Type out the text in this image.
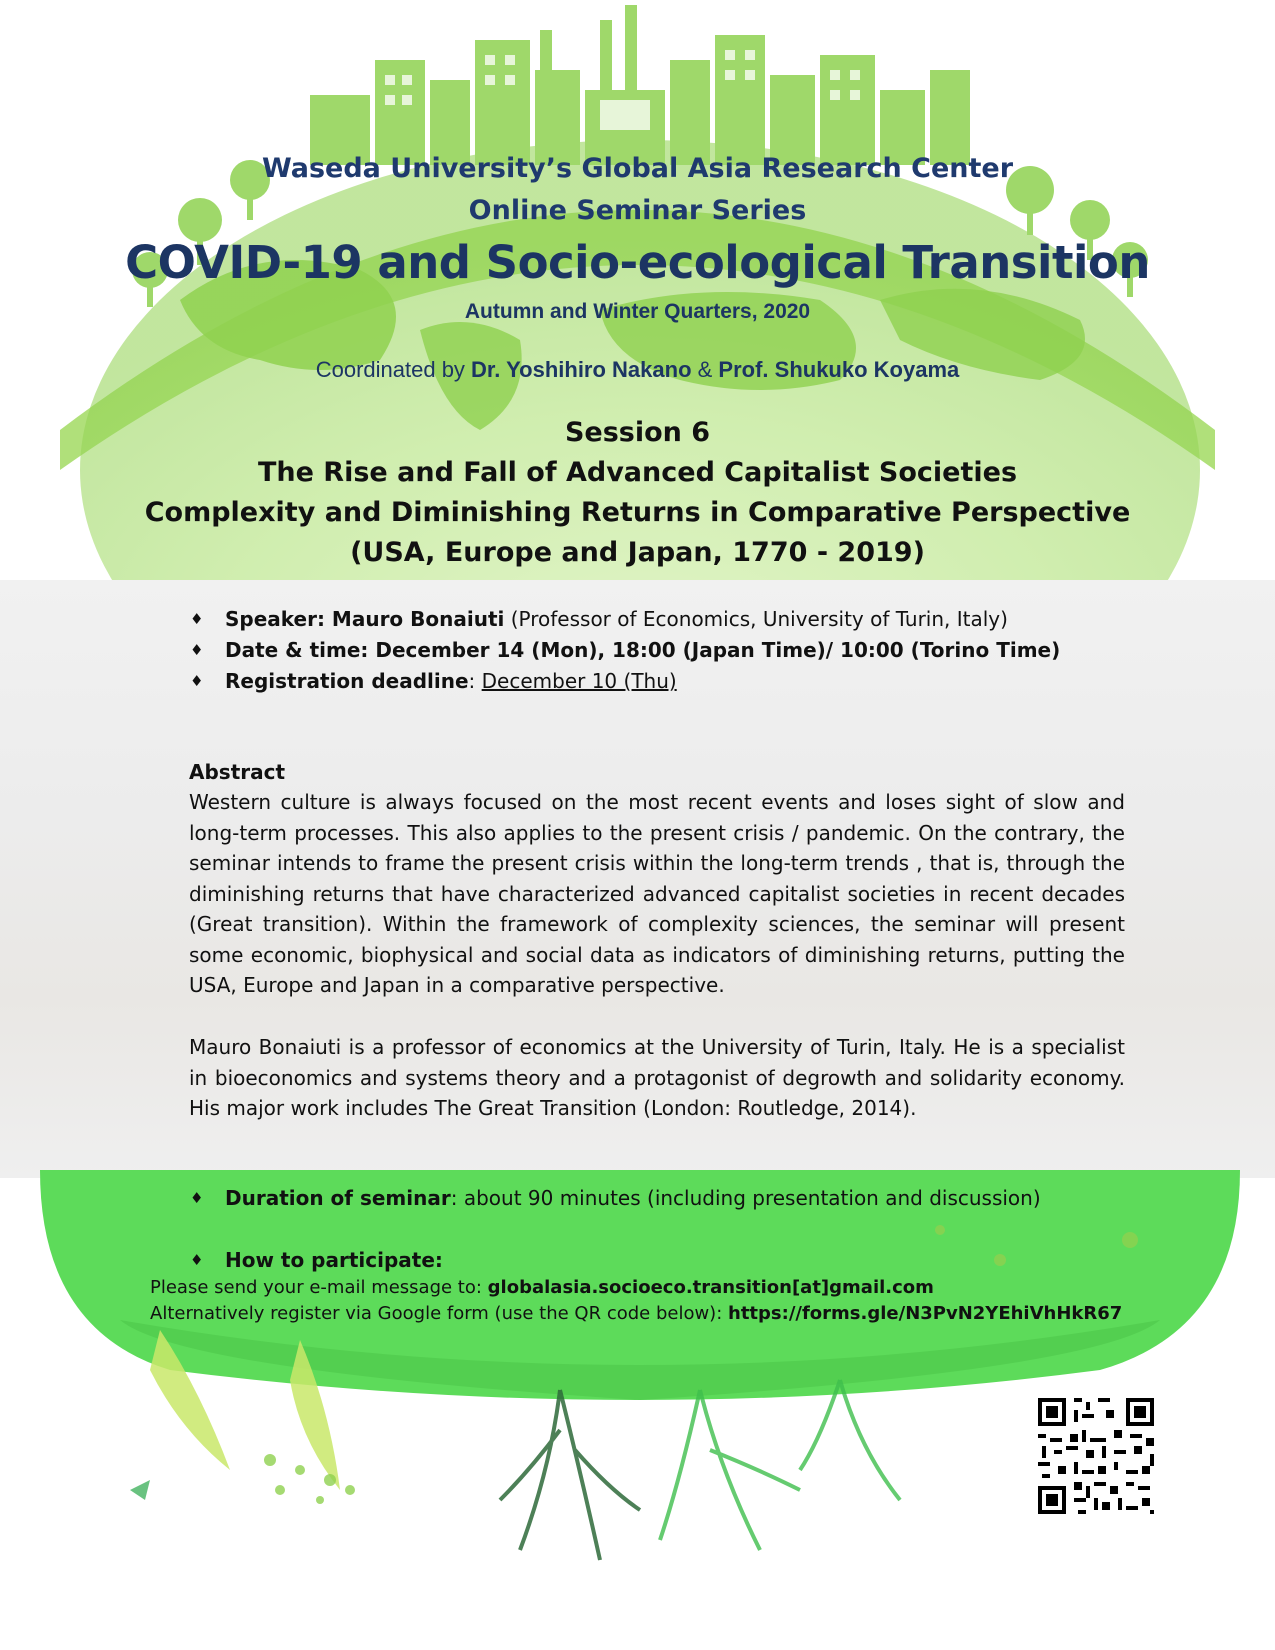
Waseda University’s Global Asia Research Center
Online Seminar Series
COVID-19 and Socio-ecological Transition
Autumn and Winter Quarters, 2020
Coordinated by Dr. Yoshihiro Nakano & Prof. Shukuko Koyama
Session 6
The Rise and Fall of Advanced Capitalist Societies
Complexity and Diminishing Returns in Comparative Perspective
(USA, Europe and Japan, 1770 - 2019)
♦ Speaker: Mauro Bonaiuti (Professor of Economics, University of Turin, Italy)
♦ Date & time: December 14 (Mon), 18:00 (Japan Time)/ 10:00 (Torino Time)
♦ Registration deadline: December 10 (Thu)
Abstract
Western culture is always focused on the most recent events and loses sight of slow and long-term processes. This also applies to the present crisis / pandemic. On the contrary, the seminar intends to frame the present crisis within the long-term trends , that is, through the diminishing returns that have characterized advanced capitalist societies in recent decades (Great transition). Within the framework of complexity sciences, the seminar will present some economic, biophysical and social data as indicators of diminishing returns, putting the USA, Europe and Japan in a comparative perspective.
Mauro Bonaiuti is a professor of economics at the University of Turin, Italy. He is a specialist in bioeconomics and systems theory and a protagonist of degrowth and solidarity economy. His major work includes The Great Transition (London: Routledge, 2014).
♦ Duration of seminar: about 90 minutes (including presentation and discussion)
♦ How to participate:
Please send your e-mail message to: globalasia.socioeco.transition[at]gmail.com
Alternatively register via Google form (use the QR code below): https://forms.gle/N3PvN2YEhiVhHkR67
